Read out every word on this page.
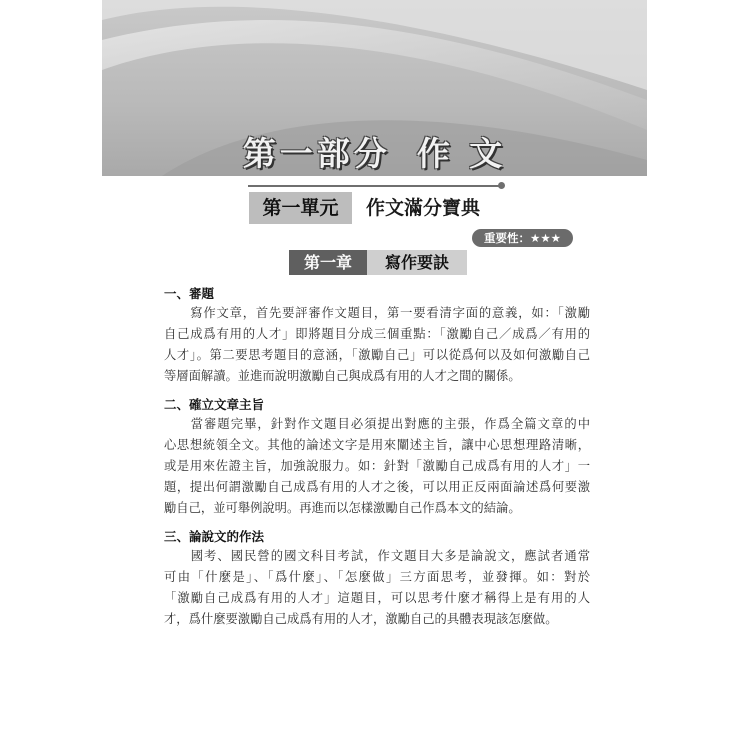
第一部分 作 文
第一單元	作文滿分寶典
重要性：★★★
第一章	寫作要訣
一、審題
　　寫作文章，首先要評審作文題目，第一要看清字面的意義，如：「激勵
自己成爲有用的人才」即將題目分成三個重點：「激勵自己／成爲／有用的
人才」。第二要思考題目的意涵，「激勵自己」可以從爲何以及如何激勵自己
等層面解讀。並進而說明激勵自己與成爲有用的人才之間的關係。
二、確立文章主旨
　　當審題完畢，針對作文題目必須提出對應的主張，作爲全篇文章的中
心思想統領全文。其他的論述文字是用來闡述主旨，讓中心思想理路清晰，
或是用來佐證主旨，加強說服力。如：針對「激勵自己成爲有用的人才」一
題，提出何謂激勵自己成爲有用的人才之後，可以用正反兩面論述爲何要激
勵自己，並可舉例說明。再進而以怎樣激勵自己作爲本文的結論。
三、論說文的作法
　　國考、國民營的國文科目考試，作文題目大多是論說文，應試者通常
可由「什麼是」、「爲什麼」、「怎麼做」三方面思考，並發揮。如：對於
「激勵自己成爲有用的人才」這題目，可以思考什麼才稱得上是有用的人
才，爲什麼要激勵自己成爲有用的人才，激勵自己的具體表現該怎麼做。
